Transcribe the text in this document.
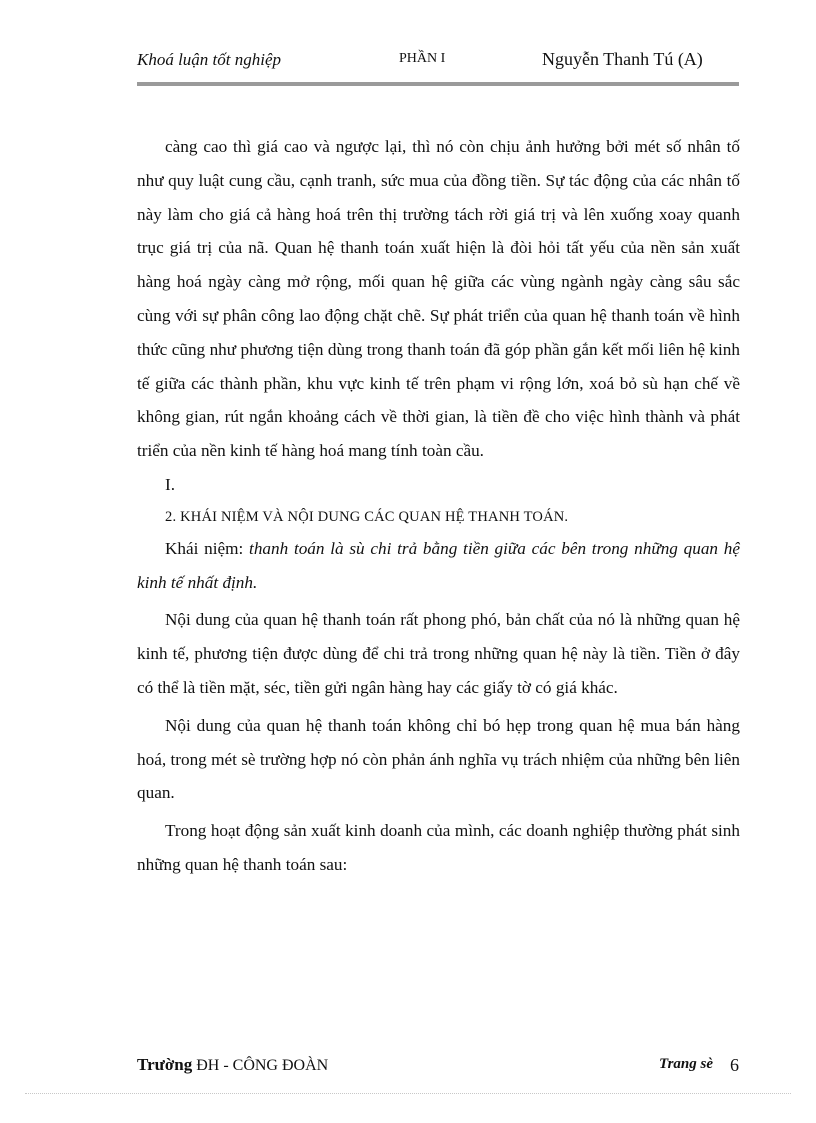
Khoá luận tốt nghiệp	PHẦN I	Nguyễn Thanh Tú (A)

càng cao thì giá cao và ngược lại, thì nó còn chịu ảnh hưởng bởi mét số nhân tố như quy luật cung cầu, cạnh tranh, sức mua của đồng tiền. Sự tác động của các nhân tố này làm cho giá cả hàng hoá trên thị trường tách rời giá trị và lên xuống xoay quanh trục giá trị của nã. Quan hệ thanh toán xuất hiện là đòi hỏi tất yếu của nền sản xuất hàng hoá ngày càng mở rộng, mối quan hệ giữa các vùng ngành ngày càng sâu sắc cùng với sự phân công lao động chặt chẽ. Sự phát triển của quan hệ thanh toán về hình thức cũng như phương tiện dùng trong thanh toán đã góp phần gắn kết mối liên hệ kinh tế giữa các thành phần, khu vực kinh tế trên phạm vi rộng lớn, xoá bỏ sù hạn chế về không gian, rút ngắn khoảng cách về thời gian, là tiền đề cho việc hình thành và phát triển của nền kinh tế hàng hoá mang tính toàn cầu.

I.

2. KHÁI NIỆM VÀ NỘI DUNG CÁC QUAN HỆ THANH TOÁN.

Khái niệm: thanh toán là sù chi trả bằng tiền giữa các bên trong những quan hệ kinh tế nhất định.

Nội dung của quan hệ thanh toán rất phong phó, bản chất của nó là những quan hệ kinh tế, phương tiện được dùng để chi trả trong những quan hệ này là tiền. Tiền ở đây có thể là tiền mặt, séc, tiền gửi ngân hàng hay các giấy tờ có giá khác.

Nội dung của quan hệ thanh toán không chỉ bó hẹp trong quan hệ mua bán hàng hoá, trong mét sè trường hợp nó còn phản ánh nghĩa vụ trách nhiệm của những bên liên quan.

Trong hoạt động sản xuất kinh doanh của mình, các doanh nghiệp thường phát sinh những quan hệ thanh toán sau:

Trường ĐH - CÔNG ĐOÀN	Trang sè 6
